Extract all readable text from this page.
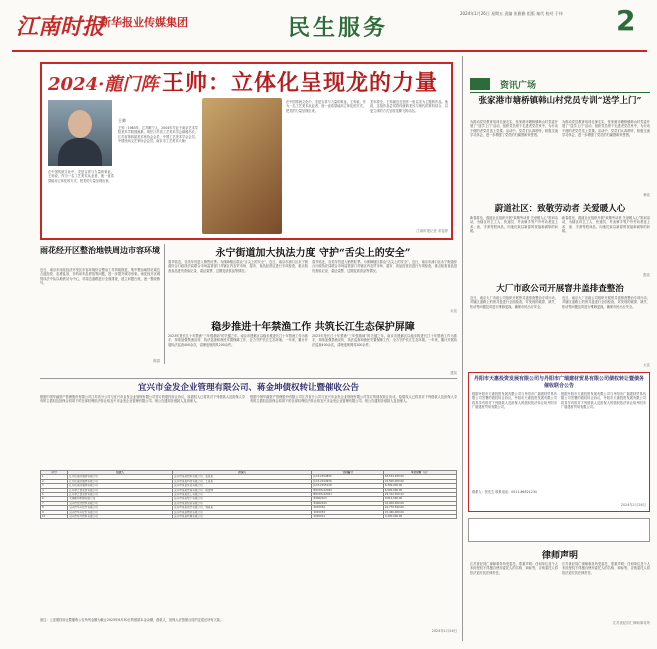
江南时报
新华报业传媒集团	民生服务
2024年1月26日 星期五 责编 张雅雅 组版 秦代 校对 于伟 2
2024·龍门阵 王帅：立体化呈现龙的力量
王帅
王帅（1983年，江苏睢宁人，2004年毕业于南京艺术学院美术学院国画系，现任江苏省工艺美术学会副秘书长，江苏省第四届美术家协会会员，中国工艺美术学会会员，中国民间文艺家协会会员，南京市工艺美术大师）
在中国传统文化中，龙是吉祥与力量的象征。王帅说，作为一名工艺美术从业者，他一直希望能用立体化的方式，把龙的力量呈现出来。
龙年将至，王帅最近在创作一组以龙为主题的作品。他说，这组作品尝试将传统的龙纹与现代的材料结合，以更立体的方式呈现龙腾飞的动态。
江南时报记者 邓雯婷
在中国传统文化中，龙是吉祥与力量的象征。王帅说，作为一名工艺美术从业者，他一直希望能用立体化的方式，把龙的力量呈现出来。
雨花经开区整治地铁周边市容环境
近日，南京市雨花经济开发区市容环境综合整治工作持续推进，集中整治地铁站周边占道经营、乱堆乱放、非机动车乱停放等问题，进一步提升城市形象。雨花经开区城管执法中队以地铁站为中心，对周边道路进行全面排查，建立问题台账，逐一整改销号。
陈春
永宁街道加大执法力度 守护“舌尖上的安全”
春节临近，各类年货进入销售旺季。为保障辖区群众“舌尖上的安全”，近日，南京市浦口区永宁街道综合行政执法局联合市场监管部门对辖区内农贸市场、超市、食品经营店进行专项检查，重点检查食品进货查验记录、索证索票、过期变质食品等情况。
春节临近，各类年货进入销售旺季。为保障辖区群众“舌尖上的安全”，近日，南京市浦口区永宁街道综合行政执法局联合市场监管部门对辖区内农贸市场、超市、食品经营店进行专项检查，重点检查食品进货查验记录、索证索票、过期变质食品等情况。
永宣
稳步推进十年禁渔工作 共筑长江生态保护屏障
2023年是长江十年禁渔“三年强基础”的关键之年。南京市建邺区以稳步推进长江十年禁渔工作为抓手，持续加强禁渔宣传、执法巡查和渔民安置保障工作，全力守护长江生态环境。一年来，累计开展执法巡查400余次，清理违规网具200余件。
2023年是长江十年禁渔“三年强基础”的关键之年。南京市建邺区以稳步推进长江十年禁渔工作为抓手，持续加强禁渔宣传、执法巡查和渔民安置保障工作，全力守护长江生态环境。一年来，累计开展执法巡查400余次，清理违规网具200余件。
建宣
宜兴市金发企业管理有限公司、蒋金坤债权转让暨催收公告
根据中国华融资产管理股份有限公司江苏省分公司与宜兴市金发企业管理有限公司签订的债权转让协议，原债权人已将其对下列借款人及担保人享有的主债权及担保合同项下的全部权利依法转让给宜兴市金发企业管理有限公司。现公告通知各借款人及担保人。
根据中国华融资产管理股份有限公司江苏省分公司与宜兴市金发企业管理有限公司签订的债权转让协议，原债权人已将其对下列借款人及担保人享有的主债权及担保合同项下的全部权利依法转让给宜兴市金发企业管理有限公司。现公告通知各借款人及担保人。
序号	借款人	担保人	合同编号	本金余额（元）
1	江苏佳丽达服饰有限公司	宜兴市某某纺织有限公司、张某某	JLC3-2014835	63,534,939.50
2	江苏佳丽达服饰有限公司	宜兴市某某科技有限公司、王某某	JLC3-2014936	22,500,000.00
3	江苏佳丽达服饰有限公司	宜兴市某某实业有限公司	JLC3-2015128	8,300,000.00
4	江苏梦之语家纺有限公司	宜兴市某某贸易有限公司、蒋金坤	BOCDS-K2020	6,000,000.00
5	江苏梦之语家纺有限公司	宜兴市某某化工有限公司	BOCDS-K2021	29,312,300.22
6	无锡新和机械有限公司	宜兴市某某电子有限公司	84062013	9,812,500.00
7	宜兴市金达纺织有限公司	宜兴市某某织造有限公司	84062014	10,000,000.00
8	宜兴市华兴化纤有限公司	宜兴市某某化纤有限公司、刘某某	2015052	22,770,590.00
9	宜兴市华兴化纤有限公司	宜兴市某某物资有限公司	2015053	15,460,000.00
10	宜兴市东方纺织有限公司	宜兴市某某机械有限公司	2016011	3,200,000.00
备注：上述债权转让暨催收公告所列金额为截止2023年6月30日的借款本金余额，借款人、担保人应按照合同约定偿还所有欠款。
2024年1月26日
资讯广场
张家港市塘桥镇韩山村党员专训“送学上门”
为推动党员教育培训走深走实，张家港市塘桥镇韩山村党委开展了“送学上门”活动，组织党员骨干走进老党员家中，为行动不便的老党员送上党课。活动中，党员们认真聆听，积极交流学习体会，进一步增强了党员的归属感和荣誉感。
为推动党员教育培训走深走实，张家港市塘桥镇韩山村党委开展了“送学上门”活动，组织党员骨干走进老党员家中，为行动不便的老党员送上党课。活动中，党员们认真聆听，积极交流学习体会，进一步增强了党员的归属感和荣誉感。
韩宣
蔚道社区：致敬劳动者 关爱暖人心
新春将至，蔚道社区组织开展“致敬劳动者 关爱暖人心”慰问活动，为辖区环卫工人、快递员、外卖骑手等户外劳动者送上米、油、手套等慰问品，向他们致以新春的祝福和诚挚的问候。
新春将至，蔚道社区组织开展“致敬劳动者 关爱暖人心”慰问活动，为辖区环卫工人、快递员、外卖骑手等户外劳动者送上米、油、手套等慰问品，向他们致以新春的祝福和诚挚的问候。
蔚宣
大厂市政公司开展窨井盖排查整治
近日，南京大厂市政公司组织开展窨井盖排查整治专项行动，对辖区道路上的窨井盖进行全面检查，对发现的破损、缺失、松动等问题及时进行维修更换，确保市民出行安全。
近日，南京大厂市政公司组织开展窨井盖排查整治专项行动，对辖区道路上的窨井盖进行全面检查，对发现的破损、缺失、松动等问题及时进行维修更换，确保市民出行安全。
大宣
丹阳市天惠投资发展有限公司与丹阳市广瑞建材贸易有限公司债权转让暨债务催收联合公告
根据丹阳市天惠投资发展有限公司与丹阳市广瑞建材贸易有限公司签署的债权转让协议，丹阳市天惠投资发展有限公司将其享有的对下列借款人及担保人的债权依法转让给丹阳市广瑞建材贸易有限公司。
根据丹阳市天惠投资发展有限公司与丹阳市广瑞建材贸易有限公司签署的债权转让协议，丹阳市天惠投资发展有限公司将其享有的对下列借款人及担保人的债权依法转让给丹阳市广瑞建材贸易有限公司。
联系人：张先生 联系电话：0511-86521234
2024年1月26日
律师声明
江苏世纪同仁律师事务所受委托，郑重声明：任何单位及个人未经授权不得擅自使用委托人的名称、商标等，否则委托人将依法追究其法律责任。
江苏世纪同仁律师事务所受委托，郑重声明：任何单位及个人未经授权不得擅自使用委托人的名称、商标等，否则委托人将依法追究其法律责任。
江苏世纪同仁律师事务所
